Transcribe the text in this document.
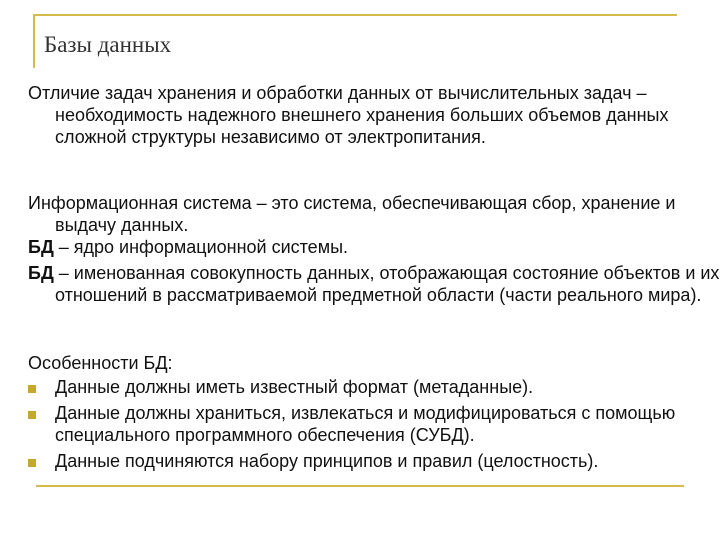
Базы данных

Отличие задач хранения и обработки данных от вычислительных задач – необходимость надежного внешнего хранения больших объемов данных сложной структуры независимо от электропитания.

Информационная система – это система, обеспечивающая сбор, хранение и выдачу данных.

БД – ядро информационной системы.

БД – именованная совокупность данных, отображающая состояние объектов и их отношений в рассматриваемой предметной области (части реального мира).

Особенности БД:

Данные должны иметь известный формат (метаданные).
Данные должны храниться, извлекаться и модифицироваться с помощью специального программного обеспечения (СУБД).
Данные подчиняются набору принципов и правил (целостность).
